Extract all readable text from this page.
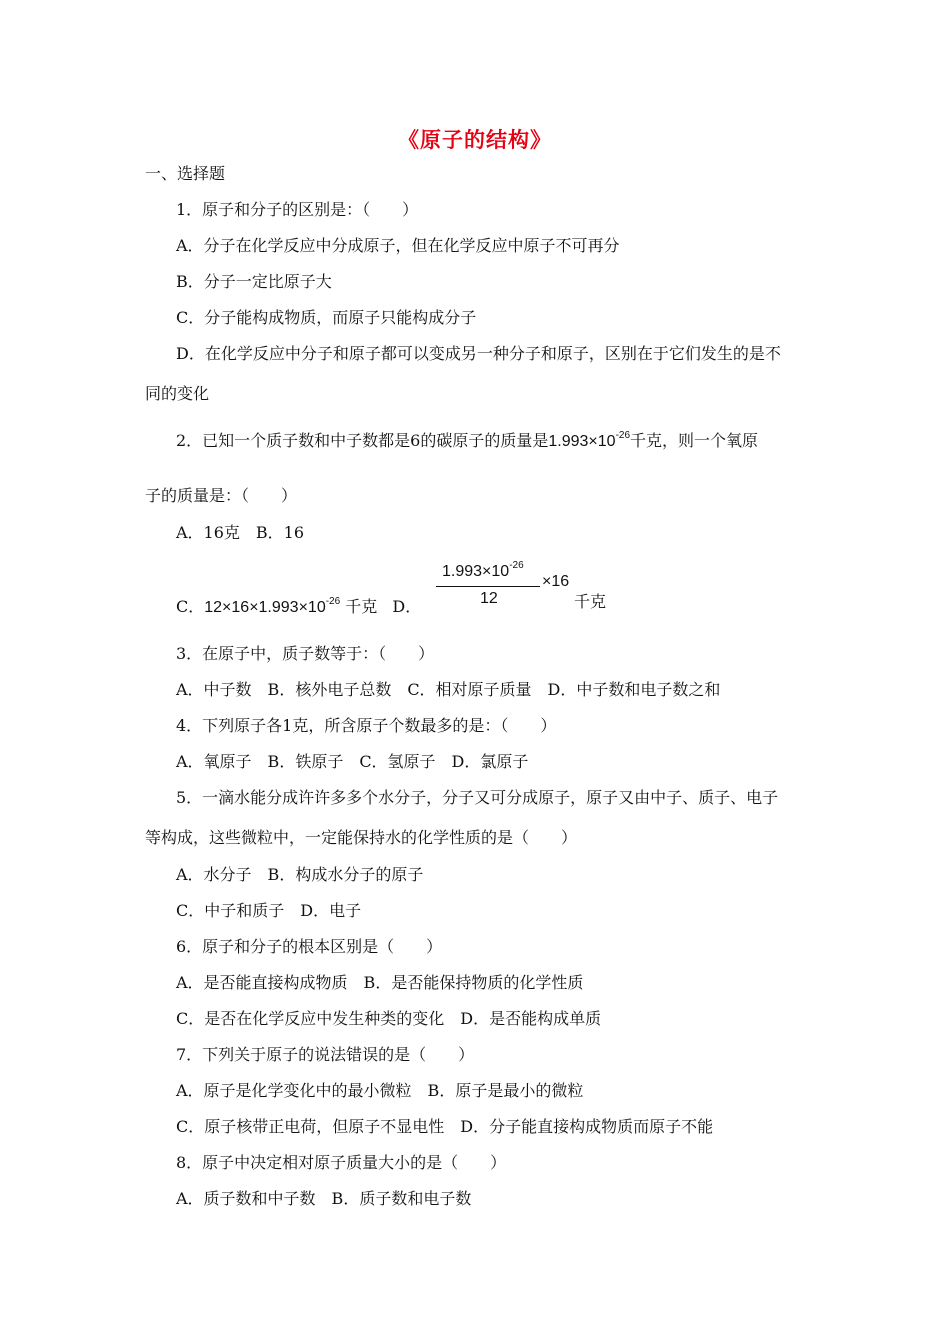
《原子的结构》
一、选择题
1．原子和分子的区别是：（　　）
A．分子在化学反应中分成原子，但在化学反应中原子不可再分
B．分子一定比原子大
C．分子能构成物质，而原子只能构成分子
D．在化学反应中分子和原子都可以变成另一种分子和原子，区别在于它们发生的是不
同的变化
2．已知一个质子数和中子数都是6的碳原子的质量是$1.993\times 10^{-26}$千克，则一个氧原
子的质量是：（　　）
A．16克　B．16
C．$12\times 16\times 1.993\times 10^{-26}$ 千克 D．
$1.993\times 10^{-26}$
12
×16
千克
3．在原子中，质子数等于：（　　）
A．中子数　B．核外电子总数　C．相对原子质量　D．中子数和电子数之和
4．下列原子各1克，所含原子个数最多的是：（　　）
A．氧原子　B．铁原子　C．氢原子　D．氯原子
5．一滴水能分成许许多多个水分子，分子又可分成原子，原子又由中子、质子、电子
等构成，这些微粒中，一定能保持水的化学性质的是（　　）
A．水分子　B．构成水分子的原子
C．中子和质子　D．电子
6．原子和分子的根本区别是（　　）
A．是否能直接构成物质　B．是否能保持物质的化学性质
C．是否在化学反应中发生种类的变化　D．是否能构成单质
7．下列关于原子的说法错误的是（　　）
A．原子是化学变化中的最小微粒　B．原子是最小的微粒
C．原子核带正电荷，但原子不显电性　D．分子能直接构成物质而原子不能
8．原子中决定相对原子质量大小的是（　　）
A．质子数和中子数　B．质子数和电子数
